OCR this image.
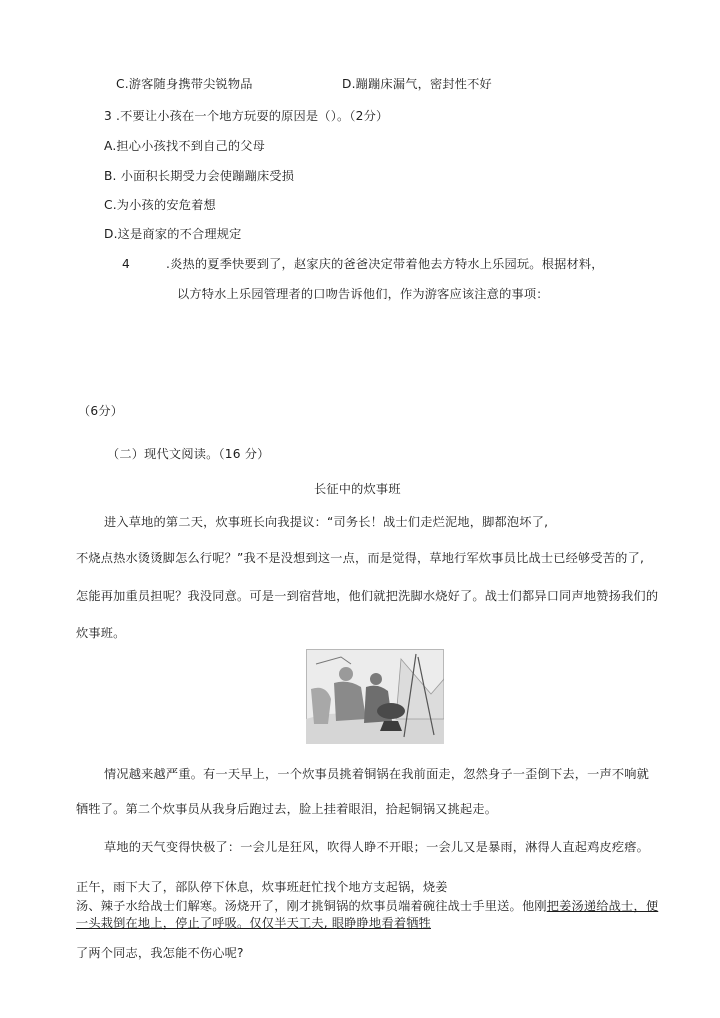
C.游客随身携带尖锐物品	D.蹦蹦床漏气，密封性不好
3 .不要让小孩在一个地方玩耍的原因是（）。（2分）
A.担心小孩找不到自己的父母
B. 小面积长期受力会使蹦蹦床受损
C.为小孩的安危着想
D.这是商家的不合理规定
4	.炎热的夏季快要到了，赵家庆的爸爸决定带着他去方特水上乐园玩。根据材料，
以方特水上乐园管理者的口吻告诉他们，作为游客应该注意的事项：
（6分）
（二）现代文阅读。（16 分）
长征中的炊事班
进入草地的第二天，炊事班长向我提议：“司务长！战士们走烂泥地，脚都泡坏了,
不烧点热水烫烫脚怎么行呢？”我不是没想到这一点，而是觉得，草地行军炊事员比战士已经够受苦的了,
怎能再加重员担呢？我没同意。可是一到宿营地，他们就把洗脚水烧好了。战士们都异口同声地赞扬我们的
炊事班。
情况越来越严重。有一天早上，一个炊事员挑着铜锅在我前面走，忽然身子一歪倒下去，一声不响就
牺牲了。第二个炊事员从我身后跑过去，脸上挂着眼泪，拾起铜锅又挑起走。
草地的天气变得快极了：一会儿是狂风，吹得人睁不开眼；一会儿又是暴雨，淋得人直起鸡皮疙瘩。
正午，雨下大了，部队停下休息，炊事班赶忙找个地方支起锅，烧姜
汤、辣子水给战士们解寒。汤烧开了，刚才挑铜锅的炊事员端着碗往战士手里送。他刚把姜汤递给战士，便
一头栽倒在地上，停止了呼吸。仅仅半天工夫, 眼睁睁地看着牺牲
了两个同志，我怎能不伤心呢?
